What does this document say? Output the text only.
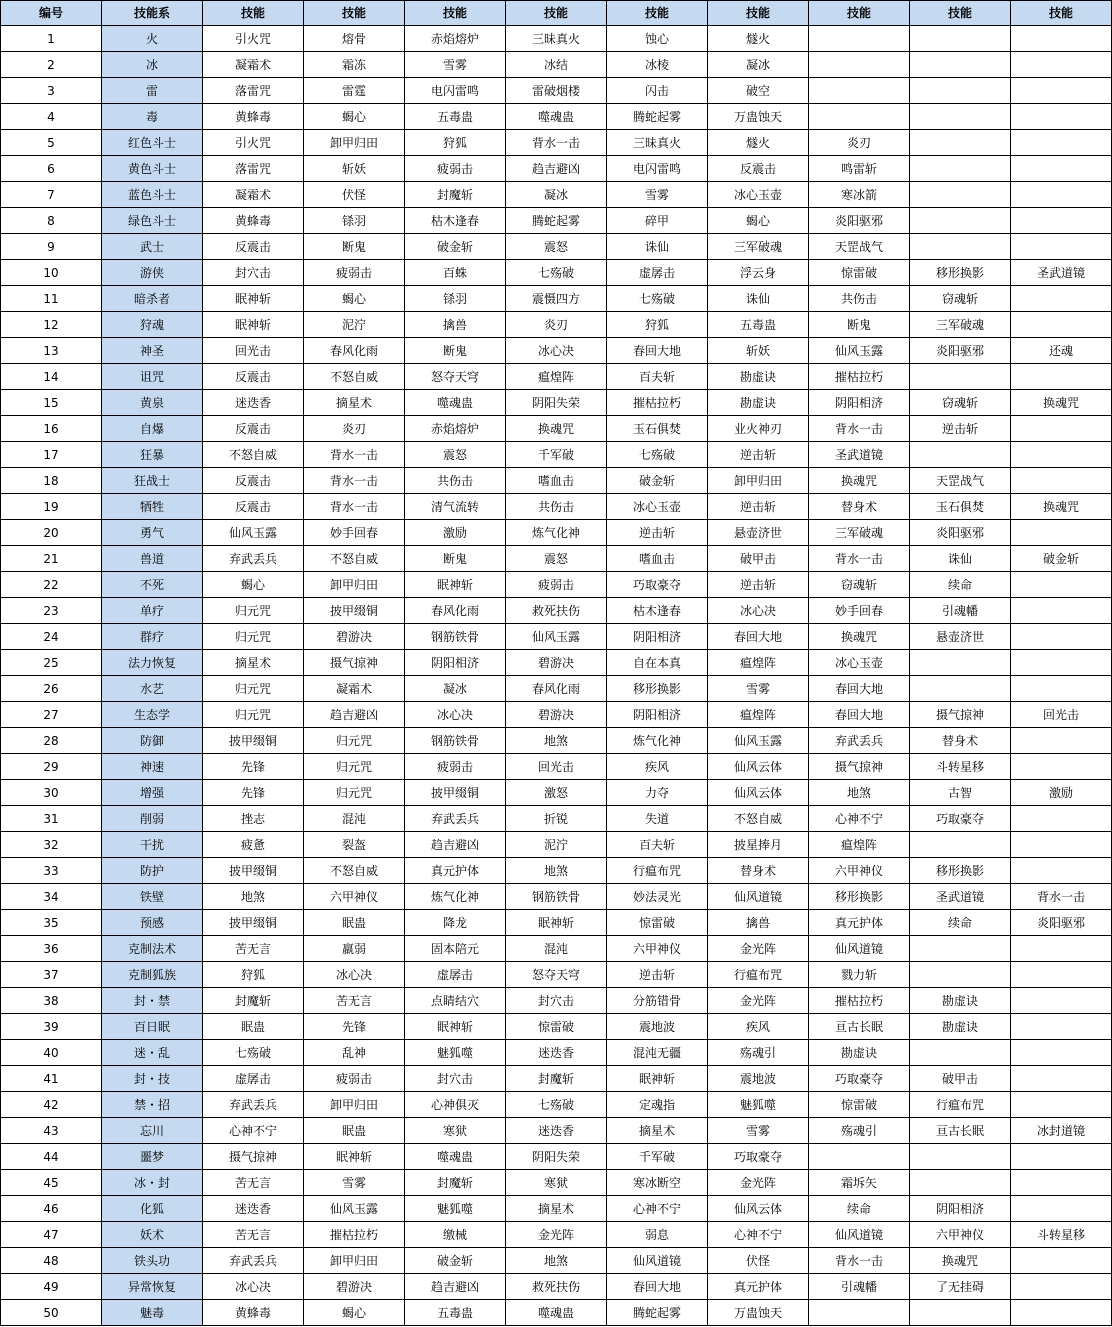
编号	技能系	技能	技能	技能	技能	技能	技能	技能	技能	技能
1	火	引火咒	熔骨	赤焰熔炉	三昧真火	蚀心	燧火			
2	冰	凝霜术	霜冻	雪雾	冰结	冰棱	凝冰			
3	雷	落雷咒	雷霆	电闪雷鸣	雷破烟楼	闪击	破空			
4	毒	黄蜂毒	蝎心	五毒蛊	噬魂蛊	腾蛇起雾	万蛊蚀天			
5	红色斗士	引火咒	卸甲归田	狩狐	背水一击	三昧真火	燧火	炎刃		
6	黄色斗士	落雷咒	斩妖	疲弱击	趋吉避凶	电闪雷鸣	反震击	鸣雷斩		
7	蓝色斗士	凝霜术	伏怪	封魔斩	凝冰	雪雾	冰心玉壶	寒冰箭		
8	绿色斗士	黄蜂毒	铩羽	枯木逢春	腾蛇起雾	碎甲	蝎心	炎阳驱邪		
9	武士	反震击	断鬼	破金斩	震怒	诛仙	三军破魂	天罡战气		
10	游侠	封穴击	疲弱击	百蛛	七殇破	虚孱击	浮云身	惊雷破	移形换影	圣武道镜
11	暗杀者	眠神斩	蝎心	铩羽	震慑四方	七殇破	诛仙	共伤击	窃魂斩	
12	狩魂	眠神斩	泥泞	擒兽	炎刃	狩狐	五毒蛊	断鬼	三军破魂	
13	神圣	回光击	春风化雨	断鬼	冰心决	春回大地	斩妖	仙风玉露	炎阳驱邪	还魂
14	诅咒	反震击	不怒自威	怒夺天穹	瘟煌阵	百夫斩	勘虚诀	摧枯拉朽		
15	黄泉	迷迭香	摘星术	噬魂蛊	阴阳失荣	摧枯拉朽	勘虚诀	阴阳相济	窃魂斩	换魂咒
16	自爆	反震击	炎刃	赤焰熔炉	换魂咒	玉石俱焚	业火神刃	背水一击	逆击斩	
17	狂暴	不怒自威	背水一击	震怒	千军破	七殇破	逆击斩	圣武道镜		
18	狂战士	反震击	背水一击	共伤击	嗜血击	破金斩	卸甲归田	换魂咒	天罡战气	
19	牺牲	反震击	背水一击	清气流转	共伤击	冰心玉壶	逆击斩	替身术	玉石俱焚	换魂咒
20	勇气	仙风玉露	妙手回春	激励	炼气化神	逆击斩	悬壶济世	三军破魂	炎阳驱邪	
21	兽道	弃武丢兵	不怒自威	断鬼	震怒	嗜血击	破甲击	背水一击	诛仙	破金斩
22	不死	蝎心	卸甲归田	眠神斩	疲弱击	巧取豪夺	逆击斩	窃魂斩	续命	
23	单疗	归元咒	披甲缀铜	春风化雨	救死扶伤	枯木逢春	冰心决	妙手回春	引魂幡	
24	群疗	归元咒	碧游决	钢筋铁骨	仙风玉露	阴阳相济	春回大地	换魂咒	悬壶济世	
25	法力恢复	摘星术	摄气掠神	阴阳相济	碧游决	自在本真	瘟煌阵	冰心玉壶		
26	水艺	归元咒	凝霜术	凝冰	春风化雨	移形换影	雪雾	春回大地		
27	生态学	归元咒	趋吉避凶	冰心决	碧游决	阴阳相济	瘟煌阵	春回大地	摄气掠神	回光击
28	防御	披甲缀铜	归元咒	钢筋铁骨	地煞	炼气化神	仙风玉露	弃武丢兵	替身术	
29	神速	先锋	归元咒	疲弱击	回光击	疾风	仙风云体	摄气掠神	斗转星移	
30	增强	先锋	归元咒	披甲缀铜	激怒	力夺	仙风云体	地煞	古智	激励
31	削弱	挫志	混沌	弃武丢兵	折锐	失道	不怒自威	心神不宁	巧取豪夺	
32	干扰	疲惫	裂盔	趋吉避凶	泥泞	百夫斩	披星捧月	瘟煌阵		
33	防护	披甲缀铜	不怒自威	真元护体	地煞	行瘟布咒	替身术	六甲神仪	移形换影	
34	铁壁	地煞	六甲神仪	炼气化神	钢筋铁骨	妙法灵光	仙风道镜	移形换影	圣武道镜	背水一击
35	预感	披甲缀铜	眠蛊	降龙	眠神斩	惊雷破	擒兽	真元护体	续命	炎阳驱邪
36	克制法术	苦无言	羸弱	固本陪元	混沌	六甲神仪	金光阵	仙风道镜		
37	克制狐族	狩狐	冰心决	虚孱击	怒夺天穹	逆击斩	行瘟布咒	戮力斩		
38	封・禁	封魔斩	苦无言	点睛结穴	封穴击	分筋错骨	金光阵	摧枯拉朽	勘虚诀	
39	百日眠	眠蛊	先锋	眠神斩	惊雷破	震地波	疾风	亘古长眠	勘虚诀	
40	迷・乱	七殇破	乱神	魅狐噬	迷迭香	混沌无疆	殇魂引	勘虚诀		
41	封・技	虚孱击	疲弱击	封穴击	封魔斩	眠神斩	震地波	巧取豪夺	破甲击	
42	禁・招	弃武丢兵	卸甲归田	心神俱灭	七殇破	定魂指	魅狐噬	惊雷破	行瘟布咒	
43	忘川	心神不宁	眠蛊	寒狱	迷迭香	摘星术	雪雾	殇魂引	亘古长眠	冰封道镜
44	噩梦	摄气掠神	眠神斩	噬魂蛊	阴阳失荣	千军破	巧取豪夺			
45	冰・封	苦无言	雪雾	封魔斩	寒狱	寒冰断空	金光阵	霜坼矢		
46	化狐	迷迭香	仙风玉露	魅狐噬	摘星术	心神不宁	仙风云体	续命	阴阳相济	
47	妖术	苦无言	摧枯拉朽	缴械	金光阵	弱息	心神不宁	仙风道镜	六甲神仪	斗转星移
48	铁头功	弃武丢兵	卸甲归田	破金斩	地煞	仙风道镜	伏怪	背水一击	换魂咒	
49	异常恢复	冰心决	碧游决	趋吉避凶	救死扶伤	春回大地	真元护体	引魂幡	了无挂碍	
50	魅毒	黄蜂毒	蝎心	五毒蛊	噬魂蛊	腾蛇起雾	万蛊蚀天			
